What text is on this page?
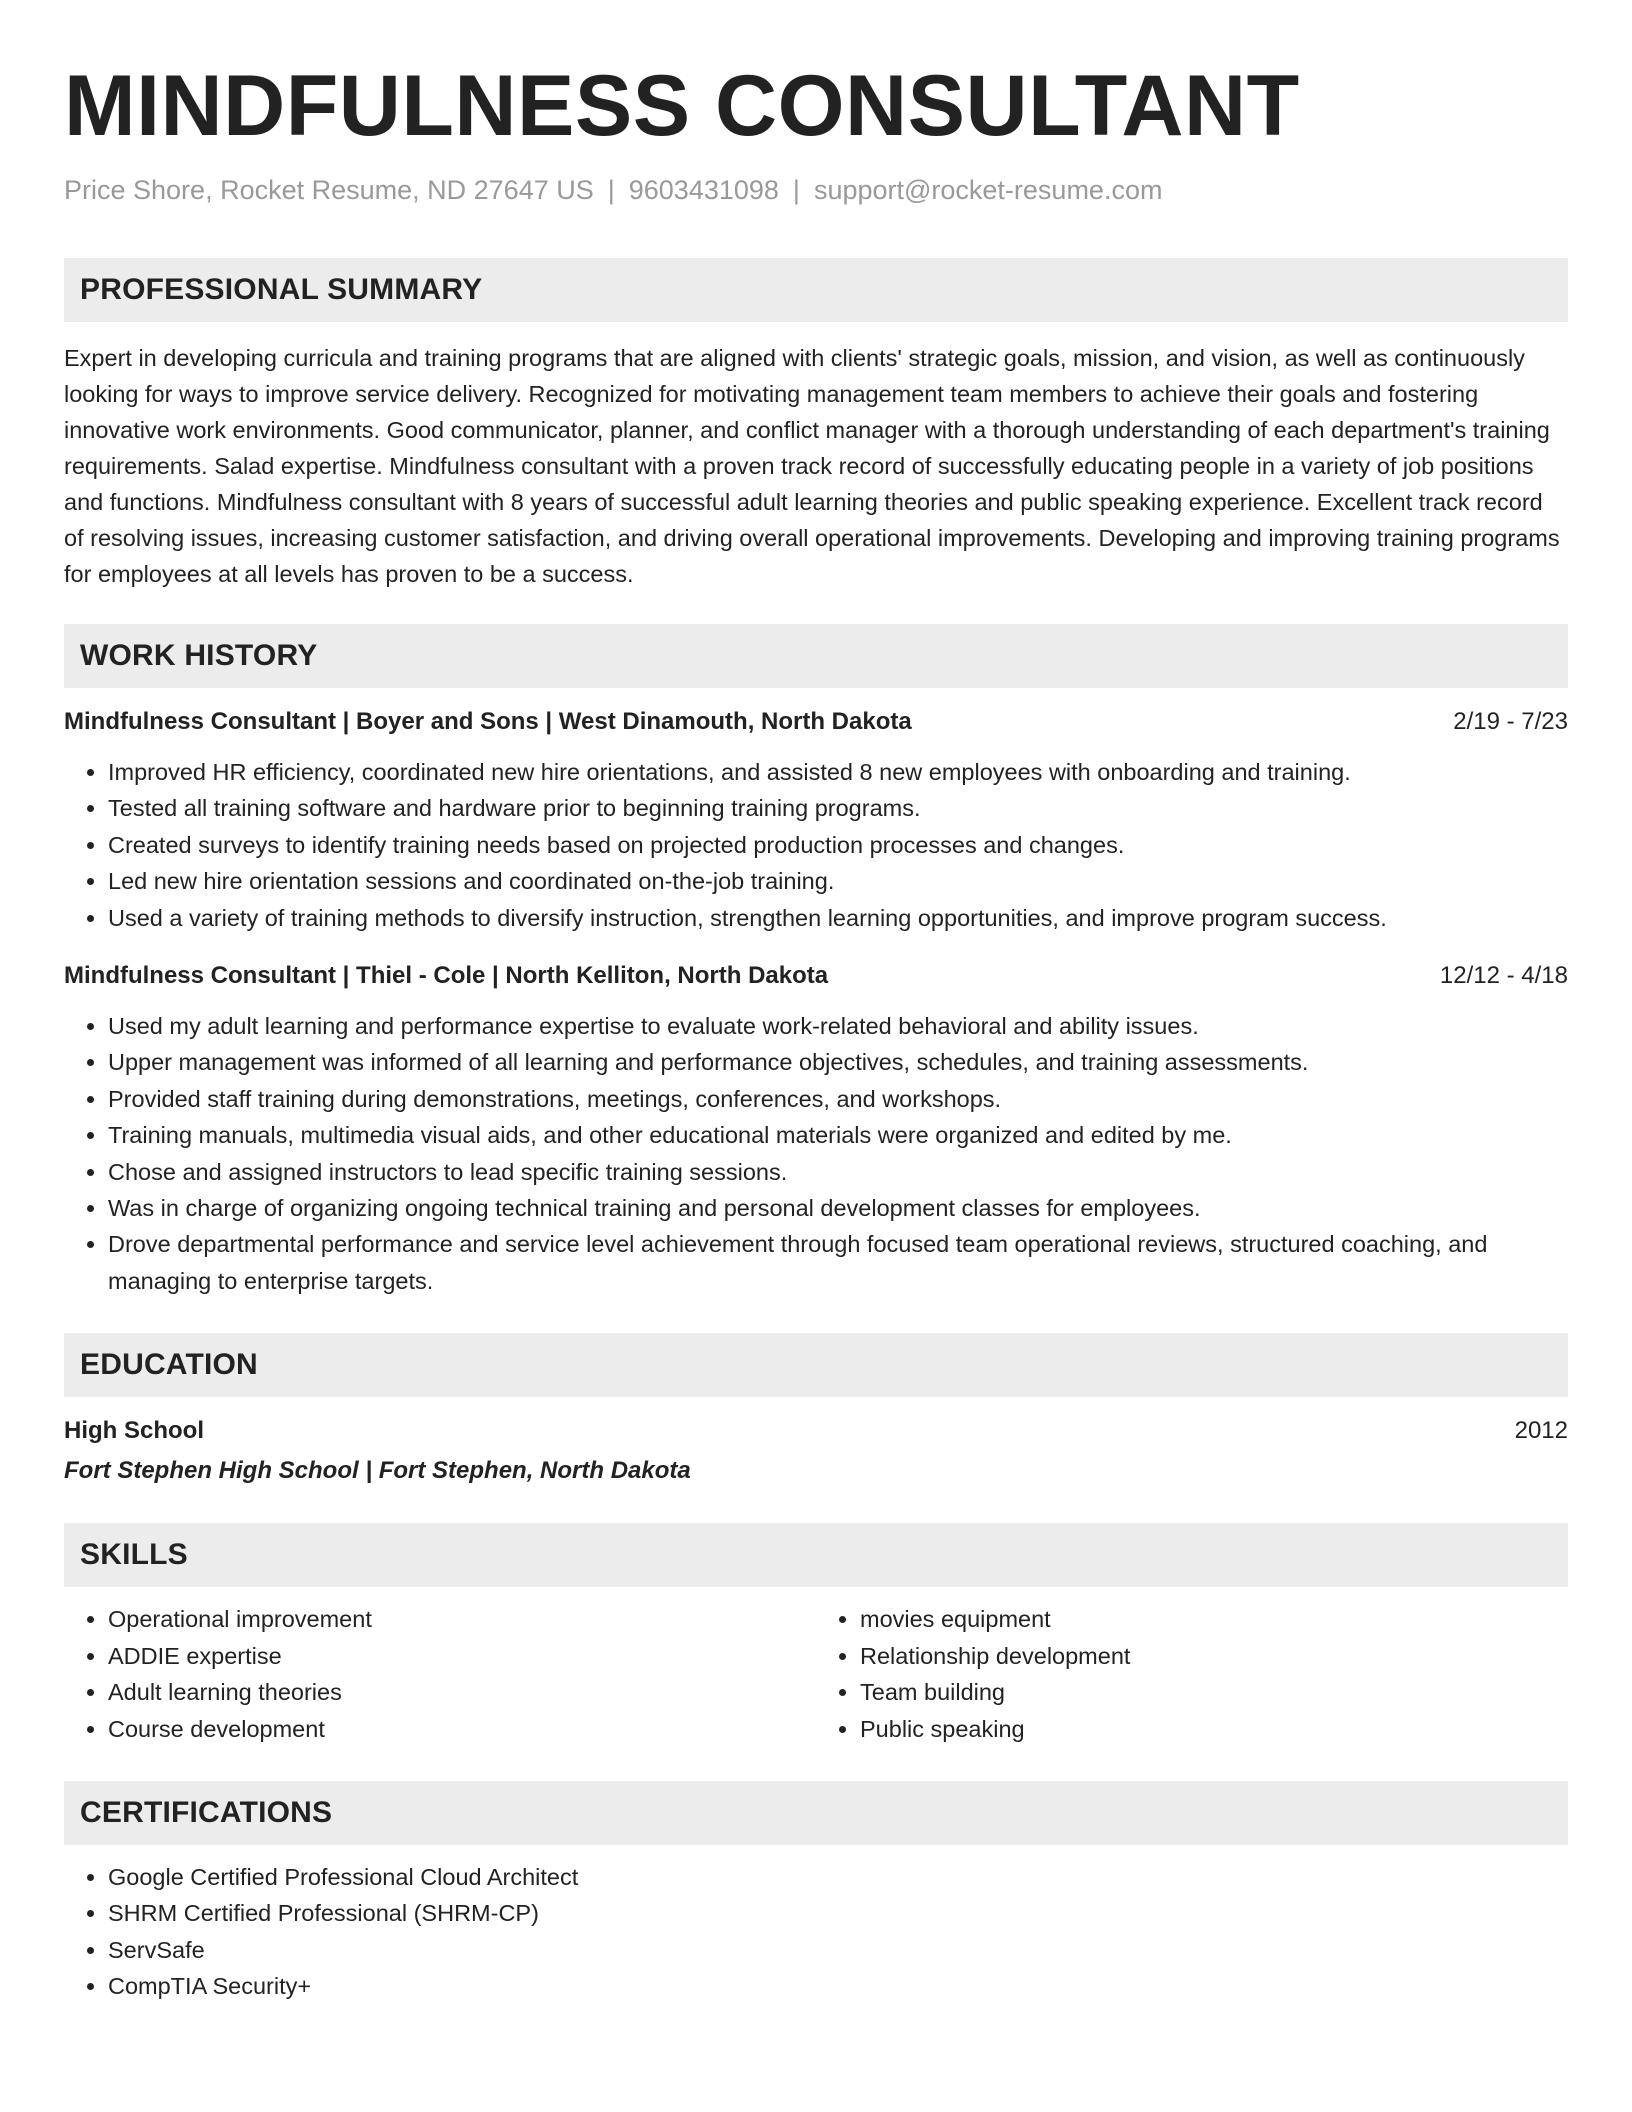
MINDFULNESS CONSULTANT
Price Shore, Rocket Resume, ND 27647 US | 9603431098 | support@rocket-resume.com
PROFESSIONAL SUMMARY

Expert in developing curricula and training programs that are aligned with clients' strategic goals, mission, and vision, as well as continuously looking for ways to improve service delivery. Recognized for motivating management team members to achieve their goals and fostering innovative work environments. Good communicator, planner, and conflict manager with a thorough understanding of each department's training requirements. Salad expertise. Mindfulness consultant with a proven track record of successfully educating people in a variety of job positions and functions. Mindfulness consultant with 8 years of successful adult learning theories and public speaking experience. Excellent track record of resolving issues, increasing customer satisfaction, and driving overall operational improvements. Developing and improving training programs for employees at all levels has proven to be a success.

WORK HISTORY
Mindfulness Consultant | Boyer and Sons | West Dinamouth, North Dakota	2/19 - 7/23
• Improved HR efficiency, coordinated new hire orientations, and assisted 8 new employees with onboarding and training.
• Tested all training software and hardware prior to beginning training programs.
• Created surveys to identify training needs based on projected production processes and changes.
• Led new hire orientation sessions and coordinated on-the-job training.
• Used a variety of training methods to diversify instruction, strengthen learning opportunities, and improve program success.
Mindfulness Consultant | Thiel - Cole | North Kelliton, North Dakota	12/12 - 4/18
• Used my adult learning and performance expertise to evaluate work-related behavioral and ability issues.
• Upper management was informed of all learning and performance objectives, schedules, and training assessments.
• Provided staff training during demonstrations, meetings, conferences, and workshops.
• Training manuals, multimedia visual aids, and other educational materials were organized and edited by me.
• Chose and assigned instructors to lead specific training sessions.
• Was in charge of organizing ongoing technical training and personal development classes for employees.
• Drove departmental performance and service level achievement through focused team operational reviews, structured coaching, and managing to enterprise targets.
EDUCATION
High School	2012
Fort Stephen High School | Fort Stephen, North Dakota
SKILLS
• Operational improvement
• ADDIE expertise
• Adult learning theories
• Course development
• movies equipment
• Relationship development
• Team building
• Public speaking
CERTIFICATIONS
• Google Certified Professional Cloud Architect
• SHRM Certified Professional (SHRM-CP)
• ServSafe
• CompTIA Security+
